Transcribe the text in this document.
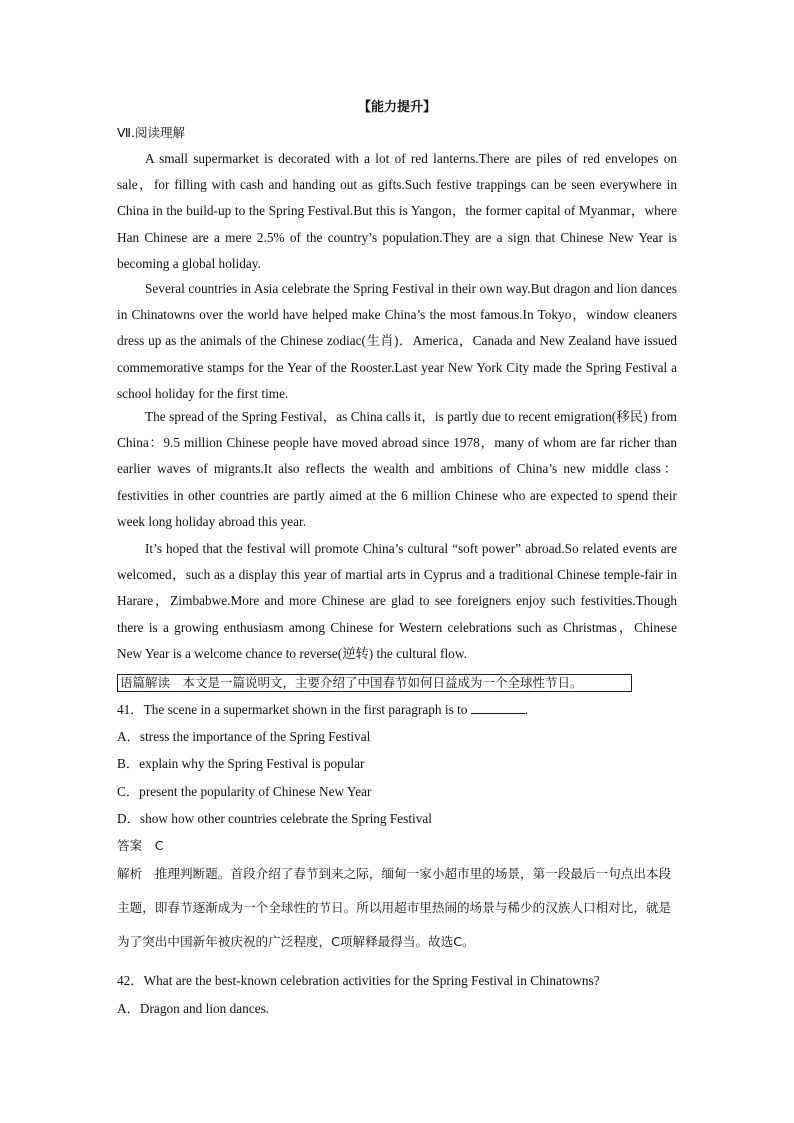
【能力提升】
Ⅶ.阅读理解

A small supermarket is decorated with a lot of red lanterns.There are piles of red envelopes on sale，for filling with cash and handing out as gifts.Such festive trappings can be seen everywhere in China in the build-up to the Spring Festival.But this is Yangon，the former capital of Myanmar，where Han Chinese are a mere 2.5% of the country’s population.They are a sign that Chinese New Year is becoming a global holiday.

Several countries in Asia celebrate the Spring Festival in their own way.But dragon and lion dances in Chinatowns over the world have helped make China’s the most famous.In Tokyo，window cleaners dress up as the animals of the Chinese zodiac(生肖)．America，Canada and New Zealand have issued commemorative stamps for the Year of the Rooster.Last year New York City made the Spring Festival a school holiday for the first time.

The spread of the Spring Festival，as China calls it，is partly due to recent emigration(移民) from China：9.5 million Chinese people have moved abroad since 1978，many of whom are far richer than earlier waves of migrants.It also reflects the wealth and ambitions of China’s new middle class：festivities in other countries are partly aimed at the 6 million Chinese who are expected to spend their week long holiday abroad this year.

It’s hoped that the festival will promote China’s cultural “soft power” abroad.So related events are welcomed，such as a display this year of martial arts in Cyprus and a traditional Chinese temple-fair in Harare，Zimbabwe.More and more Chinese are glad to see foreigners enjoy such festivities.Though there is a growing enthusiasm among Chinese for Western celebrations such as Christmas，Chinese New Year is a welcome chance to reverse(逆转) the cultural flow.

语篇解读　本文是一篇说明文，主要介绍了中国春节如何日益成为一个全球性节日。
41．The scene in a supermarket shown in the first paragraph is to	.
A．stress the importance of the Spring Festival
B．explain why the Spring Festival is popular
C．present the popularity of Chinese New Year
D．show how other countries celebrate the Spring Festival
答案　C
解析　推理判断题。首段介绍了春节到来之际，缅甸一家小超市里的场景，第一段最后一句点出本段主题，即春节逐渐成为一个全球性的节日。所以用超市里热闹的场景与稀少的汉族人口相对比，就是为了突出中国新年被庆祝的广泛程度，C项解释最得当。故选C。
42．What are the best-known celebration activities for the Spring Festival in Chinatowns?
A．Dragon and lion dances.
